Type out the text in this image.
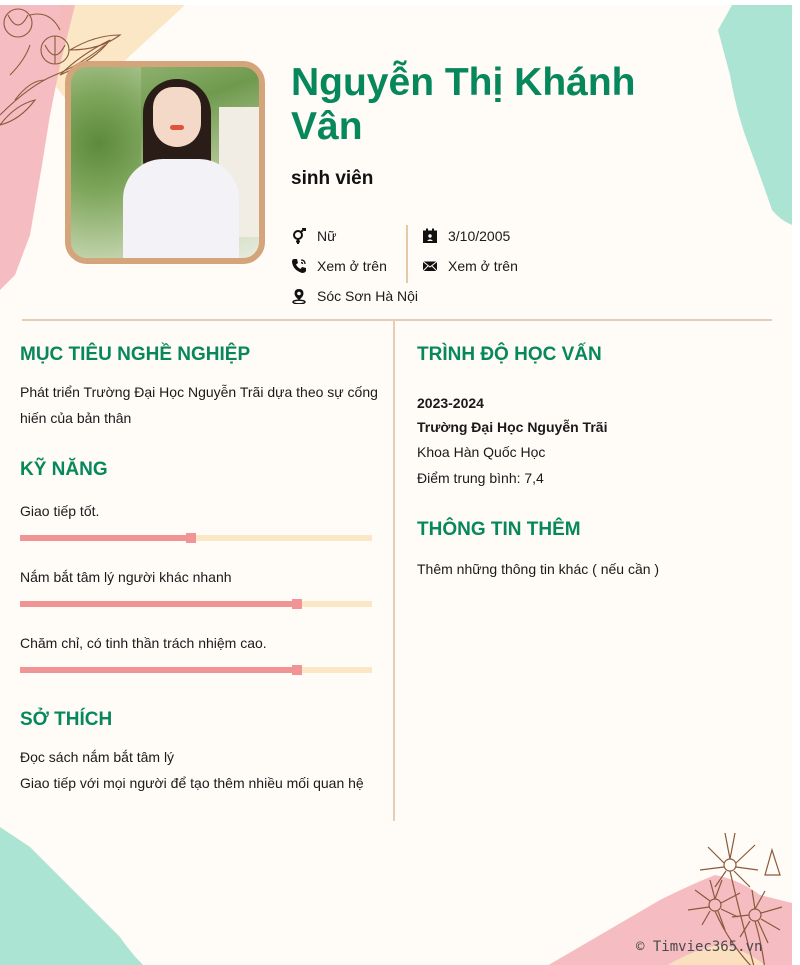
Nguyễn Thị Khánh Vân
sinh viên
Nữ
Xem ở trên
Sóc Sơn Hà Nội
3/10/2005
Xem ở trên
MỤC TIÊU NGHỀ NGHIỆP
Phát triển Trường Đại Học Nguyễn Trãi dựa theo sự cống hiến của bản thân
KỸ NĂNG
Giao tiếp tốt.
Nắm bắt tâm lý người khác nhanh
Chăm chỉ, có tinh thần trách nhiệm cao.
SỞ THÍCH
Đọc sách nắm bắt tâm lý
Giao tiếp với mọi người để tạo thêm nhiều mối quan hệ
TRÌNH ĐỘ HỌC VẤN
2023-2024
Trường Đại Học Nguyễn Trãi
Khoa Hàn Quốc Học
Điểm trung bình: 7,4
THÔNG TIN THÊM
Thêm những thông tin khác ( nếu cần )
© Timviec365.vn
